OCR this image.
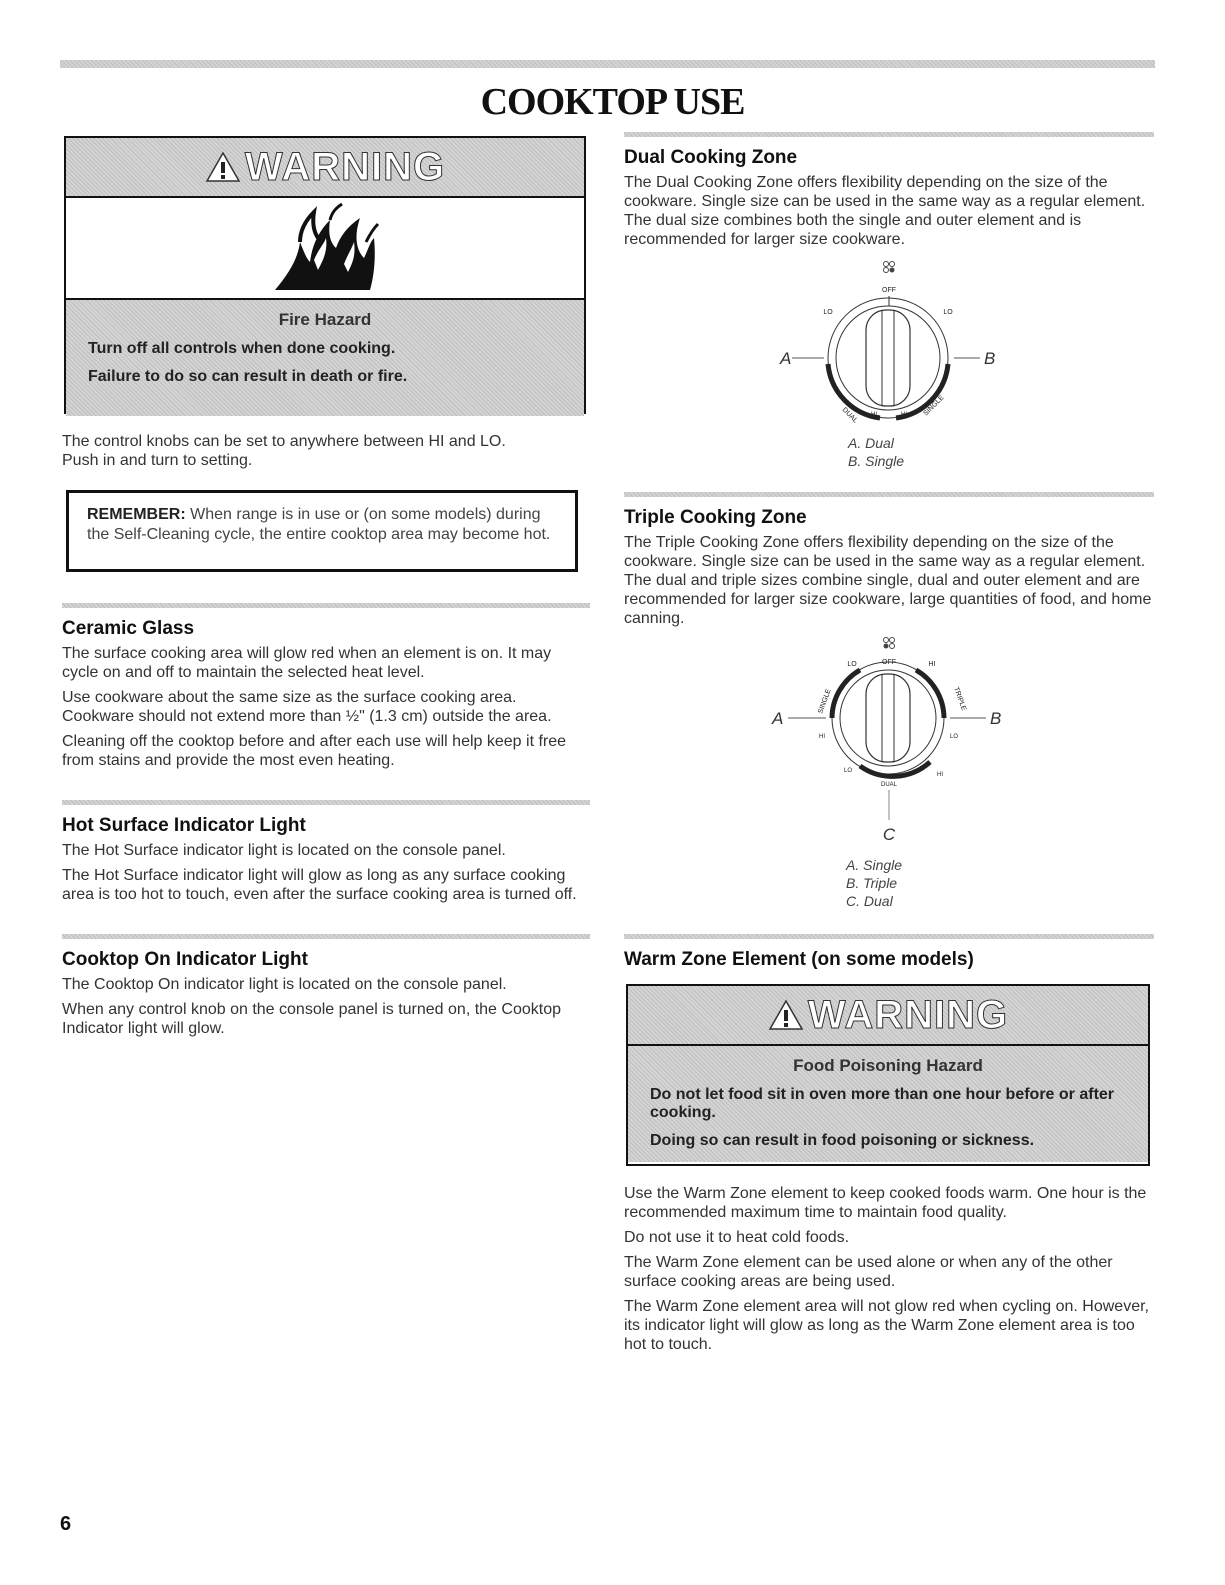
COOKTOP USE
WARNING
Fire Hazard
Turn off all controls when done cooking.
Failure to do so can result in death or fire.

The control knobs can be set to anywhere between HI and LO.

Push in and turn to setting.

REMEMBER: When range is in use or (on some models) during the Self-Cleaning cycle, the entire cooktop area may become hot.
Ceramic Glass

The surface cooking area will glow red when an element is on. It may cycle on and off to maintain the selected heat level.

Use cookware about the same size as the surface cooking area. Cookware should not extend more than ½" (1.3 cm) outside the area.

Cleaning off the cooktop before and after each use will help keep it free from stains and provide the most even heating.

Hot Surface Indicator Light

The Hot Surface indicator light is located on the console panel.

The Hot Surface indicator light will glow as long as any surface cooking area is too hot to touch, even after the surface cooking area is turned off.

Cooktop On Indicator Light

The Cooktop On indicator light is located on the console panel.

When any control knob on the console panel is turned on, the Cooktop Indicator light will glow.

Dual Cooking Zone

The Dual Cooking Zone offers flexibility depending on the size of the cookware. Single size can be used in the same way as a regular element. The dual size combines both the single and outer element and is recommended for larger size cookware.

OFF
LO	LO
DUAL	SINGLE
HI	HI
A	B
A. Dual
B. Single
Triple Cooking Zone

The Triple Cooking Zone offers flexibility depending on the size of the cookware. Single size can be used in the same way as a regular element. The dual and triple sizes combine single, dual and outer element and are recommended for larger size cookware, large quantities of food, and home canning.

OFF
LO	HI
SINGLE	TRIPLE
HI	LO
LO
HI
DUAL
A	B
C
A. Single
B. Triple
C. Dual
Warm Zone Element (on some models)
WARNING
Food Poisoning Hazard
Do not let food sit in oven more than one hour before or after cooking.
Doing so can result in food poisoning or sickness.

Use the Warm Zone element to keep cooked foods warm. One hour is the recommended maximum time to maintain food quality.

Do not use it to heat cold foods.

The Warm Zone element can be used alone or when any of the other surface cooking areas are being used.

The Warm Zone element area will not glow red when cycling on. However, its indicator light will glow as long as the Warm Zone element area is too hot to touch.

6
